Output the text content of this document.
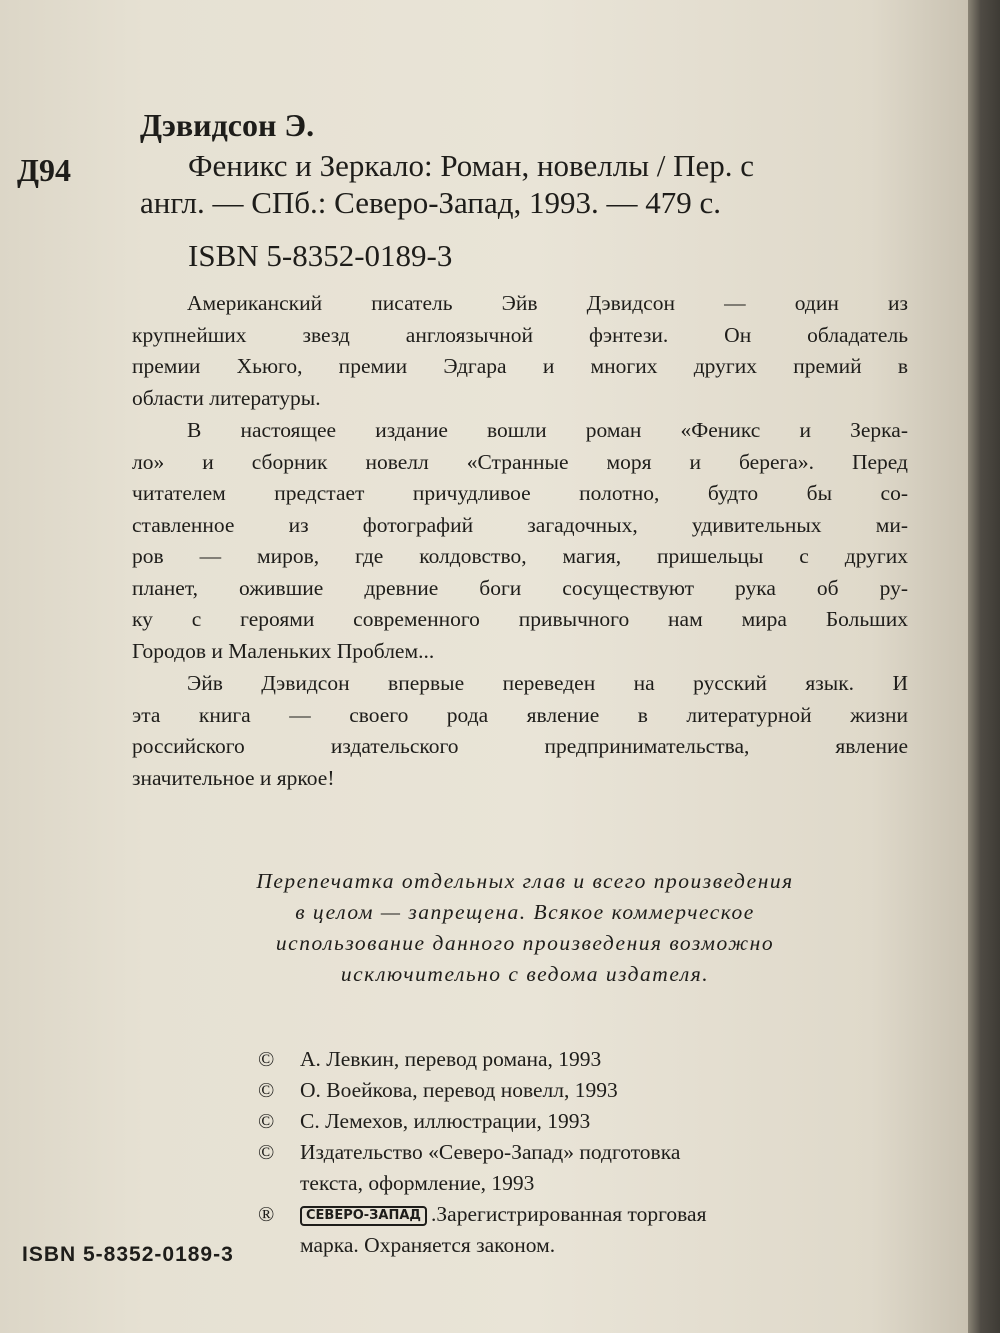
Дэвидсон Э.
Д94	Феникс и Зеркало: Роман, новеллы / Пер. с
англ. — СПб.: Северо-Запад, 1993. — 479 с.
ISBN 5-8352-0189-3
Американский писатель Эйв Дэвидсон — один из
крупнейших звезд англоязычной фэнтези. Он обладатель
премии Хьюго, премии Эдгара и многих других премий в
области литературы.
В настоящее издание вошли роман «Феникс и Зерка-
ло» и сборник новелл «Странные моря и берега». Перед
читателем предстает причудливое полотно, будто бы со-
ставленное из фотографий загадочных, удивительных ми-
ров — миров, где колдовство, магия, пришельцы с других
планет, ожившие древние боги сосуществуют рука об ру-
ку с героями современного привычного нам мира Больших
Городов и Маленьких Проблем...
Эйв Дэвидсон впервые переведен на русский язык. И
эта книга — своего рода явление в литературной жизни
российского издательского предпринимательства, явление
значительное и яркое!
Перепечатка отдельных глав и всего произведения
в целом — запрещена. Всякое коммерческое
использование данного произведения возможно
исключительно с ведома издателя.
©	А. Левкин, перевод романа, 1993
©	О. Воейкова, перевод новелл, 1993
©	С. Лемехов, иллюстрации, 1993
©	Издательство «Северо-Запад» подготовка
текста, оформление, 1993
®	СЕВЕРО-ЗАПАД .Зарегистрированная торговая
марка. Охраняется законом.
ISBN 5-8352-0189-3
